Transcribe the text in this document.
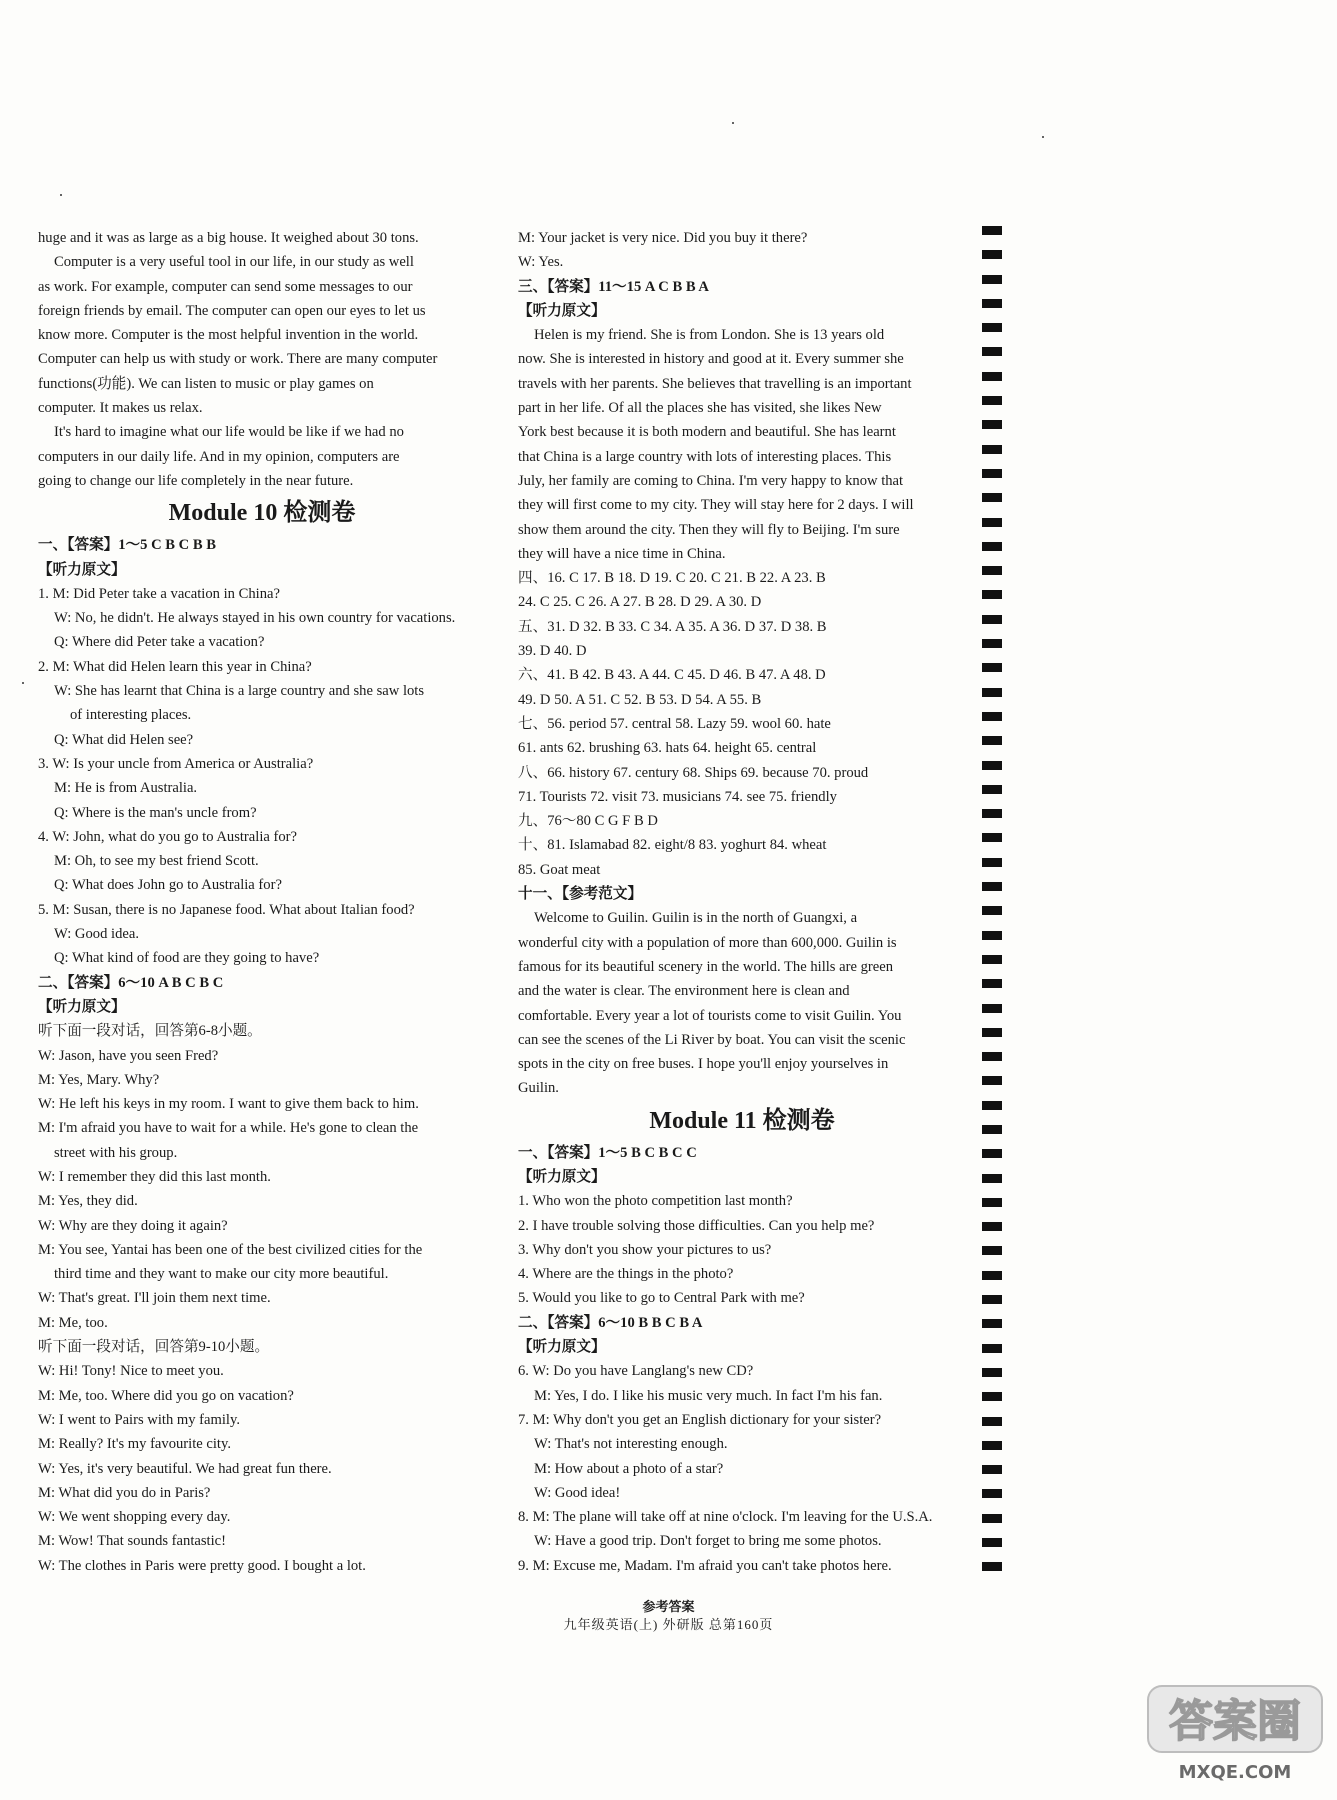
huge and it was as large as a big house. It weighed about 30 tons.
Computer is a very useful tool in our life, in our study as well
as work. For example, computer can send some messages to our
foreign friends by email. The computer can open our eyes to let us
know more. Computer is the most helpful invention in the world.
Computer can help us with study or work. There are many computer
functions(功能). We can listen to music or play games on
computer. It makes us relax.
It's hard to imagine what our life would be like if we had no
computers in our daily life. And in my opinion, computers are
going to change our life completely in the near future.
Module 10 检测卷
一、【答案】1～5 C B C B B
【听力原文】
1. M: Did Peter take a vacation in China?
W: No, he didn't. He always stayed in his own country for vacations.
Q: Where did Peter take a vacation?
2. M: What did Helen learn this year in China?
W: She has learnt that China is a large country and she saw lots
of interesting places.
Q: What did Helen see?
3. W: Is your uncle from America or Australia?
M: He is from Australia.
Q: Where is the man's uncle from?
4. W: John, what do you go to Australia for?
M: Oh, to see my best friend Scott.
Q: What does John go to Australia for?
5. M: Susan, there is no Japanese food. What about Italian food?
W: Good idea.
Q: What kind of food are they going to have?
二、【答案】6～10 A B C B C
【听力原文】
听下面一段对话，回答第6-8小题。
W: Jason, have you seen Fred?
M: Yes, Mary. Why?
W: He left his keys in my room. I want to give them back to him.
M: I'm afraid you have to wait for a while. He's gone to clean the
street with his group.
W: I remember they did this last month.
M: Yes, they did.
W: Why are they doing it again?
M: You see, Yantai has been one of the best civilized cities for the
third time and they want to make our city more beautiful.
W: That's great. I'll join them next time.
M: Me, too.
听下面一段对话，回答第9-10小题。
W: Hi! Tony! Nice to meet you.
M: Me, too. Where did you go on vacation?
W: I went to Pairs with my family.
M: Really? It's my favourite city.
W: Yes, it's very beautiful. We had great fun there.
M: What did you do in Paris?
W: We went shopping every day.
M: Wow! That sounds fantastic!
W: The clothes in Paris were pretty good. I bought a lot.
M: Your jacket is very nice. Did you buy it there?
W: Yes.
三、【答案】11～15 A C B B A
【听力原文】
Helen is my friend. She is from London. She is 13 years old
now. She is interested in history and good at it. Every summer she
travels with her parents. She believes that travelling is an important
part in her life. Of all the places she has visited, she likes New
York best because it is both modern and beautiful. She has learnt
that China is a large country with lots of interesting places. This
July, her family are coming to China. I'm very happy to know that
they will first come to my city. They will stay here for 2 days. I will
show them around the city. Then they will fly to Beijing. I'm sure
they will have a nice time in China.
四、16. C 17. B 18. D 19. C 20. C 21. B 22. A 23. B
24. C 25. C 26. A 27. B 28. D 29. A 30. D
五、31. D 32. B 33. C 34. A 35. A 36. D 37. D 38. B
39. D 40. D
六、41. B 42. B 43. A 44. C 45. D 46. B 47. A 48. D
49. D 50. A 51. C 52. B 53. D 54. A 55. B
七、56. period 57. central 58. Lazy 59. wool 60. hate
61. ants 62. brushing 63. hats 64. height 65. central
八、66. history 67. century 68. Ships 69. because 70. proud
71. Tourists 72. visit 73. musicians 74. see 75. friendly
九、76～80 C G F B D
十、81. Islamabad 82. eight/8 83. yoghurt 84. wheat
85. Goat meat
十一、【参考范文】
Welcome to Guilin. Guilin is in the north of Guangxi, a
wonderful city with a population of more than 600,000. Guilin is
famous for its beautiful scenery in the world. The hills are green
and the water is clear. The environment here is clean and
comfortable. Every year a lot of tourists come to visit Guilin. You
can see the scenes of the Li River by boat. You can visit the scenic
spots in the city on free buses. I hope you'll enjoy yourselves in
Guilin.
Module 11 检测卷
一、【答案】1～5 B C B C C
【听力原文】
1. Who won the photo competition last month?
2. I have trouble solving those difficulties. Can you help me?
3. Why don't you show your pictures to us?
4. Where are the things in the photo?
5. Would you like to go to Central Park with me?
二、【答案】6～10 B B C B A
【听力原文】
6. W: Do you have Langlang's new CD?
M: Yes, I do. I like his music very much. In fact I'm his fan.
7. M: Why don't you get an English dictionary for your sister?
W: That's not interesting enough.
M: How about a photo of a star?
W: Good idea!
8. M: The plane will take off at nine o'clock. I'm leaving for the U.S.A.
W: Have a good trip. Don't forget to bring me some photos.
9. M: Excuse me, Madam. I'm afraid you can't take photos here.
参考答案
九年级英语(上) 外研版 总第160页
答案圈
MXQE.COM
